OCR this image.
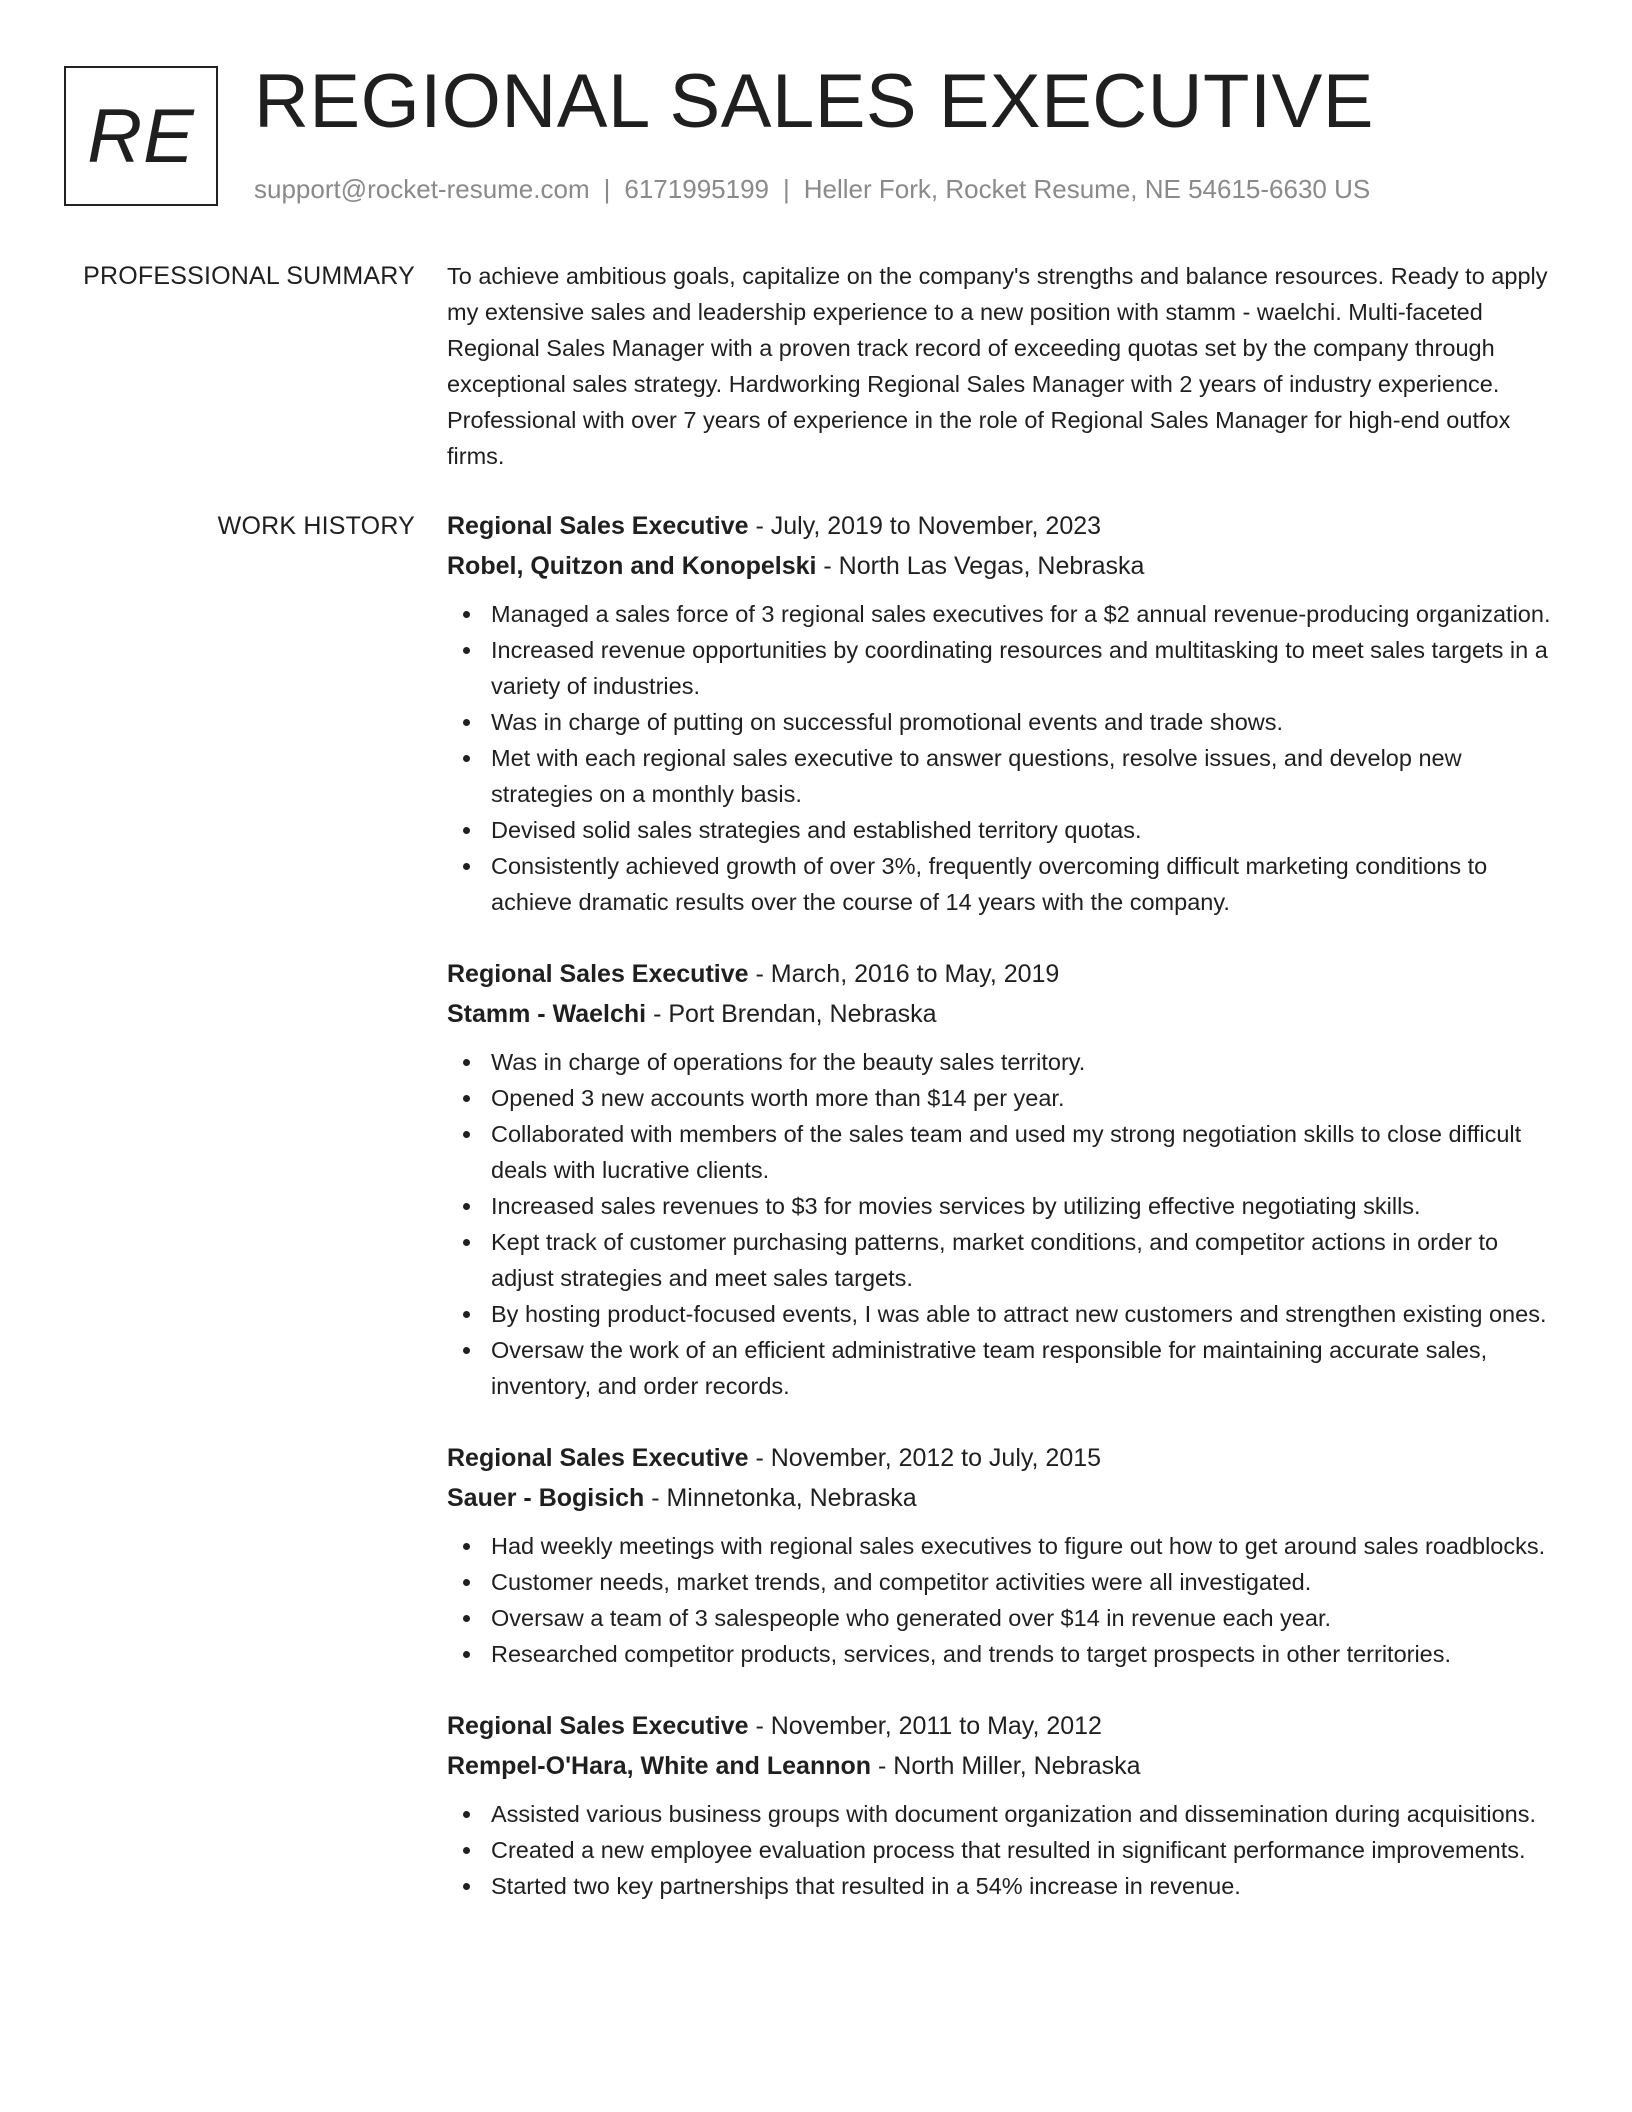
RE REGIONAL SALES EXECUTIVE
support@rocket-resume.com | 6171995199 | Heller Fork, Rocket Resume, NE 54615-6630 US
PROFESSIONAL SUMMARY To achieve ambitious goals, capitalize on the company's strengths and balance resources. Ready to apply my extensive sales and leadership experience to a new position with stamm - waelchi. Multi-faceted Regional Sales Manager with a proven track record of exceeding quotas set by the company through exceptional sales strategy. Hardworking Regional Sales Manager with 2 years of industry experience. Professional with over 7 years of experience in the role of Regional Sales Manager for high-end outfox firms.

WORK HISTORY Regional Sales Executive - July, 2019 to November, 2023
Robel, Quitzon and Konopelski - North Las Vegas, Nebraska
Managed a sales force of 3 regional sales executives for a $2 annual revenue-producing organization.
Increased revenue opportunities by coordinating resources and multitasking to meet sales targets in a variety of industries.
Was in charge of putting on successful promotional events and trade shows.
Met with each regional sales executive to answer questions, resolve issues, and develop new strategies on a monthly basis.
Devised solid sales strategies and established territory quotas.
Consistently achieved growth of over 3%, frequently overcoming difficult marketing conditions to achieve dramatic results over the course of 14 years with the company.
Regional Sales Executive - March, 2016 to May, 2019
Stamm - Waelchi - Port Brendan, Nebraska
Was in charge of operations for the beauty sales territory.
Opened 3 new accounts worth more than $14 per year.
Collaborated with members of the sales team and used my strong negotiation skills to close difficult deals with lucrative clients.
Increased sales revenues to $3 for movies services by utilizing effective negotiating skills.
Kept track of customer purchasing patterns, market conditions, and competitor actions in order to adjust strategies and meet sales targets.
By hosting product-focused events, I was able to attract new customers and strengthen existing ones.
Oversaw the work of an efficient administrative team responsible for maintaining accurate sales, inventory, and order records.
Regional Sales Executive - November, 2012 to July, 2015
Sauer - Bogisich - Minnetonka, Nebraska
Had weekly meetings with regional sales executives to figure out how to get around sales roadblocks.
Customer needs, market trends, and competitor activities were all investigated.
Oversaw a team of 3 salespeople who generated over $14 in revenue each year.
Researched competitor products, services, and trends to target prospects in other territories.
Regional Sales Executive - November, 2011 to May, 2012
Rempel-O'Hara, White and Leannon - North Miller, Nebraska
Assisted various business groups with document organization and dissemination during acquisitions.
Created a new employee evaluation process that resulted in significant performance improvements.
Started two key partnerships that resulted in a 54% increase in revenue.
